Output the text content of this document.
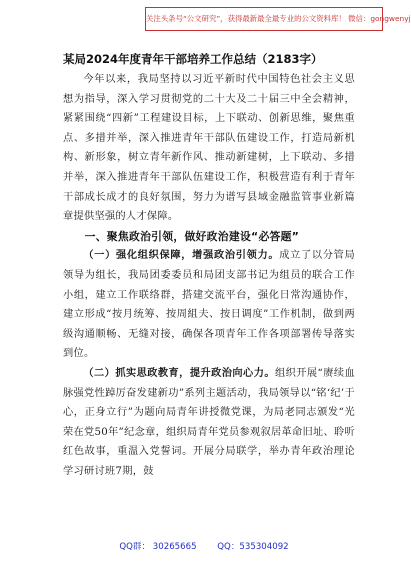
关注头条号“公文研究”，获得最新最全最专业的公文资料库！ 微信：gongwenyj
某局2024年度青年干部培养工作总结（2183字）

今年以来，我局坚持以习近平新时代中国特色社会主义思想为指导，深入学习贯彻党的二十大及二十届三中全会精神，紧紧围绕“四新”工程建设目标，上下联动、创新思维，聚焦重点、多措并举，深入推进青年干部队伍建设工作，打造局新机构、新形象，树立青年新作风、推动新建树，上下联动、多措并举，深入推进青年干部队伍建设工作，积极营造有利于青年干部成长成才的良好氛围，努力为谱写县域金融监管事业新篇章提供坚强的人才保障。

一、聚焦政治引领，做好政治建设“必答题”

（一）强化组织保障，增强政治引领力。成立了以分管局领导为组长，我局团委委员和局团支部书记为组员的联合工作小组，建立工作联络群，搭建交流平台，强化日常沟通协作，建立形成“按月统筹、按周組夫、按日调度”工作机制，做到两级沟通顺畅、无缝对接，确保各项青年工作各项部署传导落实到位。

（二）抓实思政教育，提升政治向心力。组织开展“赓续血脉强党性踔厉奋发建新功”系列主题活动，我局领导以“铭‘纪’于心，正身立行”为题向局青年讲授微党课，为局老同志颁发“光荣在党50年”纪念章，组织局青年党员参观叙居革命旧址、聆听红色故事，重温入党誓词。开展分局联学，举办青年政治理论学习研讨班7期，鼓

QQ群： 30265665 QQ：535304092
